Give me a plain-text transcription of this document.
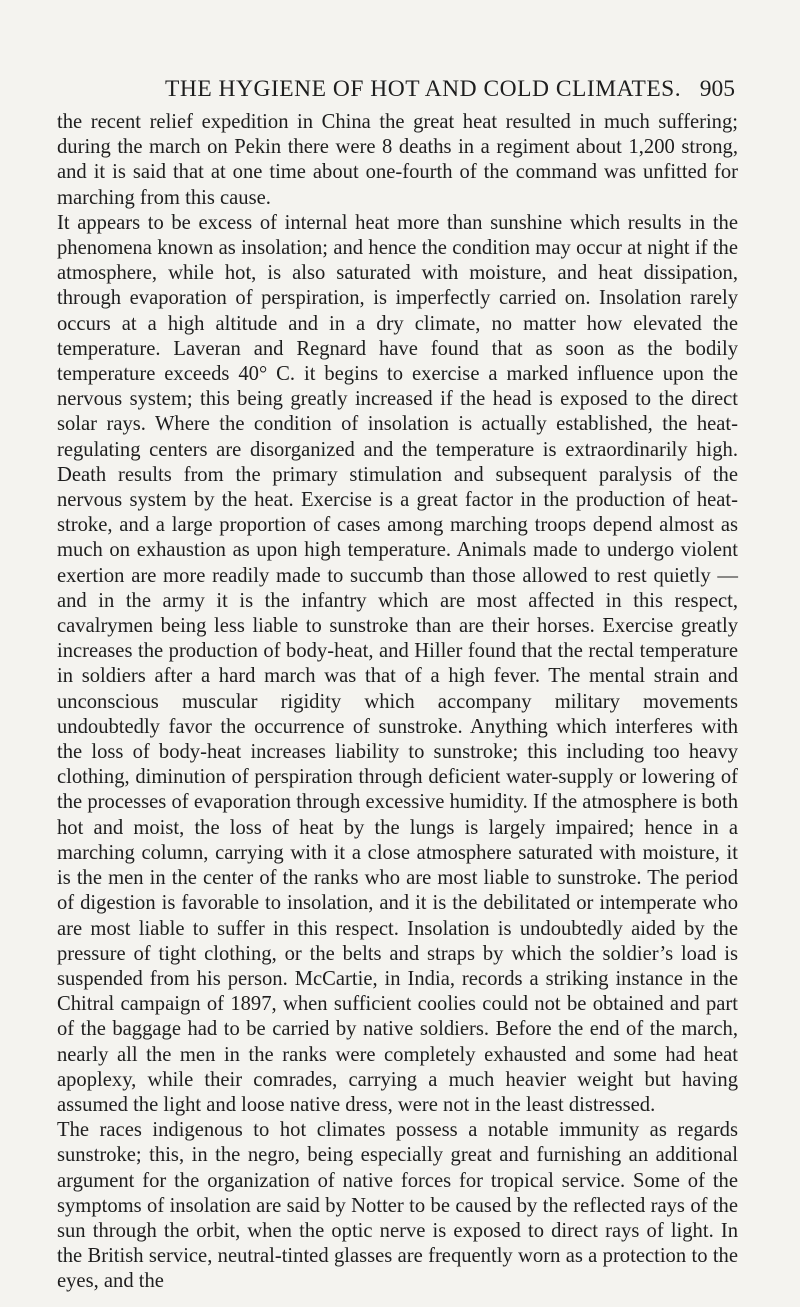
THE HYGIENE OF HOT AND COLD CLIMATES. 905

the recent relief expedition in China the great heat resulted in much suffering; during the march on Pekin there were 8 deaths in a regiment about 1,200 strong, and it is said that at one time about one-fourth of the command was unfitted for marching from this cause.

It appears to be excess of internal heat more than sunshine which results in the phenomena known as insolation; and hence the condition may occur at night if the atmosphere, while hot, is also saturated with moisture, and heat dissipation, through evaporation of perspiration, is imperfectly carried on. Insolation rarely occurs at a high altitude and in a dry climate, no matter how elevated the temperature. Laveran and Regnard have found that as soon as the bodily temperature exceeds 40° C. it begins to exercise a marked influence upon the nervous system; this being greatly increased if the head is exposed to the direct solar rays. Where the condition of insolation is actually established, the heat-regulating centers are disorganized and the temperature is extraordinarily high. Death results from the primary stimulation and subsequent paralysis of the nervous system by the heat. Exercise is a great factor in the production of heat-stroke, and a large proportion of cases among marching troops depend almost as much on exhaustion as upon high temperature. Animals made to undergo violent exertion are more readily made to succumb than those allowed to rest quietly —and in the army it is the infantry which are most affected in this respect, cavalrymen being less liable to sunstroke than are their horses. Exercise greatly increases the production of body-heat, and Hiller found that the rectal temperature in soldiers after a hard march was that of a high fever. The mental strain and unconscious muscular rigidity which accompany military movements undoubtedly favor the occurrence of sunstroke. Anything which interferes with the loss of body-heat increases liability to sunstroke; this including too heavy clothing, diminution of perspiration through deficient water-supply or lowering of the processes of evaporation through excessive humidity. If the atmosphere is both hot and moist, the loss of heat by the lungs is largely impaired; hence in a marching column, carrying with it a close atmosphere saturated with moisture, it is the men in the center of the ranks who are most liable to sunstroke. The period of digestion is favorable to insolation, and it is the debilitated or intemperate who are most liable to suffer in this respect. Insolation is undoubtedly aided by the pressure of tight clothing, or the belts and straps by which the soldier’s load is suspended from his person. McCartie, in India, records a striking instance in the Chitral campaign of 1897, when sufficient coolies could not be obtained and part of the baggage had to be carried by native soldiers. Before the end of the march, nearly all the men in the ranks were completely exhausted and some had heat apoplexy, while their comrades, carrying a much heavier weight but having assumed the light and loose native dress, were not in the least distressed.

The races indigenous to hot climates possess a notable immunity as regards sunstroke; this, in the negro, being especially great and furnishing an additional argument for the organization of native forces for tropical service. Some of the symptoms of insolation are said by Notter to be caused by the reflected rays of the sun through the orbit, when the optic nerve is exposed to direct rays of light. In the British service, neutral-tinted glasses are frequently worn as a protection to the eyes, and the
